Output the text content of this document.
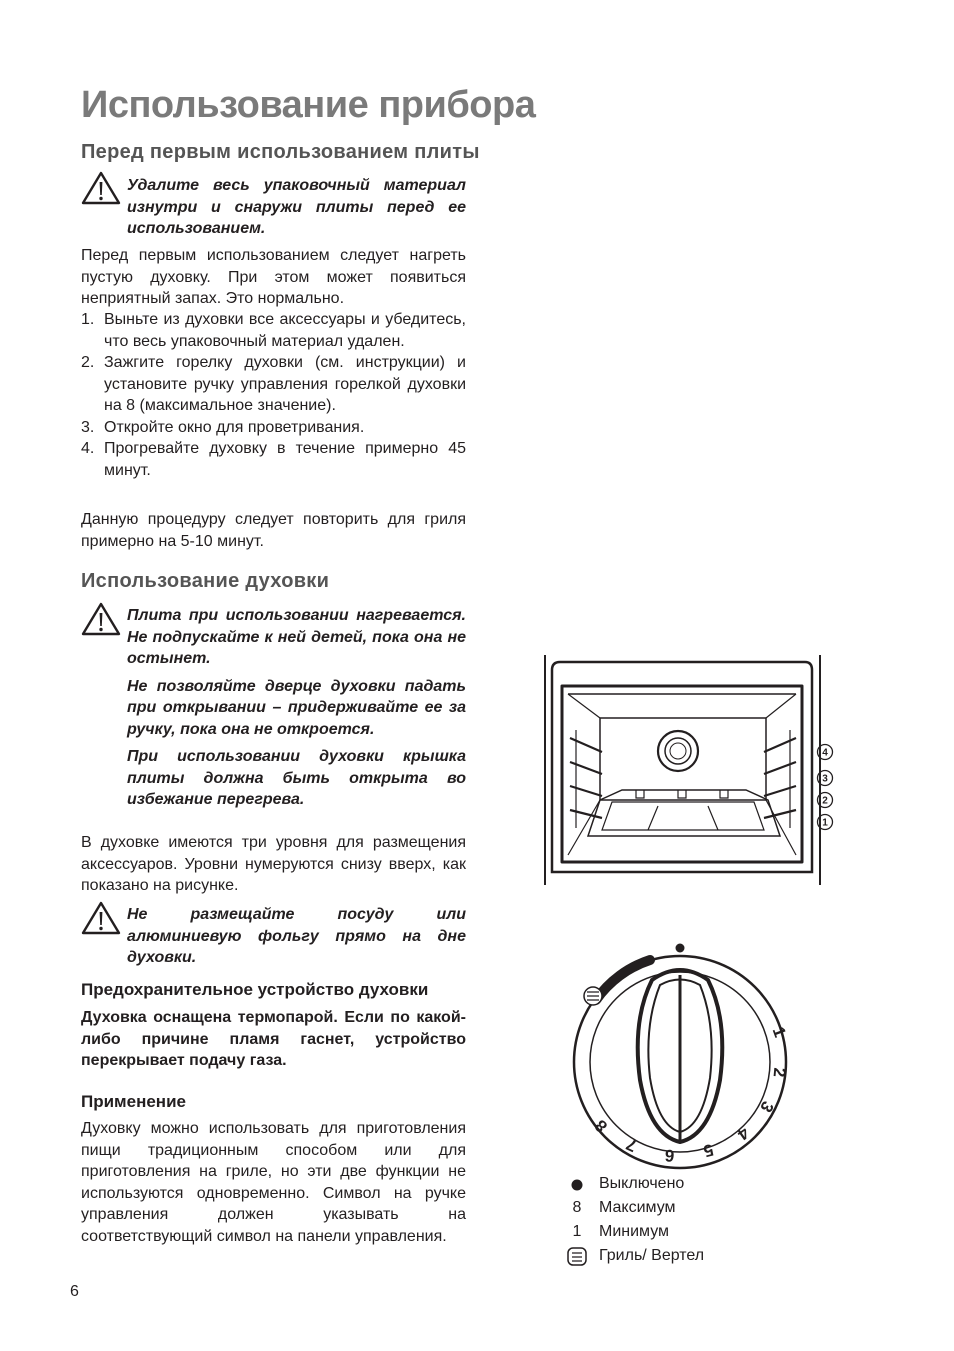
Использование прибора
Перед первым использованием плиты

Удалите весь упаковочный материал изнутри и снаружи плиты перед ее использованием.

Перед первым использованием следует нагреть пустую духовку. При этом может появиться неприятный запах. Это нормально.
1. Выньте из духовки все аксессуары и убедитесь, что весь упаковочный материал удален.
2. Зажгите горелку духовки (см. инструкции) и установите ручку управления горелкой духовки на 8 (максимальное значение).
3. Откройте окно для проветривания.
4. Прогревайте духовку в течение примерно 45 минут.
Данную процедуру следует повторить для гриля примерно на 5-10 минут.
Использование духовки

Плита при использовании нагревается. Не подпускайте к ней детей, пока она не остынет.

Не позволяйте дверце духовки падать при открывании – придерживайте ее за ручку, пока она не откроется.

При использовании духовки крышка плиты должна быть открыта во избежание перегрева.

В духовке имеются три уровня для размещения аксессуаров. Уровни нумеруются снизу вверх, как показано на рисунке.

Не размещайте посуду или алюминиевую фольгу прямо на дне духовки.

Предохранительное устройство духовки
Духовка оснащена термопарой. Если по какой-либо причине пламя гаснет, устройство перекрывает подачу газа.
Применение
Духовку можно использовать для приготовления пищи традиционным способом или для приготовления на гриле, но эти две функции не используются одновременно. Символ на ручке управления должен указывать на соответствующий символ на панели управления.
4
3
2
1
1
2
3
4
5
6
7
8
Выключено
8	Максимум
1	Минимум
Гриль/ Вертел
6
